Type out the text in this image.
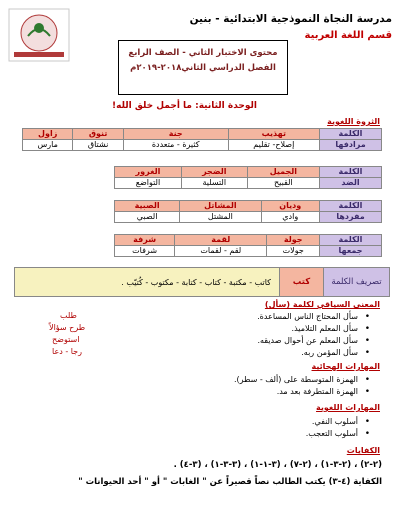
مدرسة النجاة النموذجية الابتدائية - بنين
قسم اللغة العربية
محتوى الاختبار الثاني - الصف الرابع
الفصل الدراسي الثاني٢٠١٨-٢٠١٩م
الوحدة الثانية: ما أجمل خلق الله!
الثروة اللغوية
الكلمة	تهذيب	جنة	تنوق	زاول
مرادفها	إصلاح- تقليم	كثيرة - متعددة	نشتاق	مارس
الكلمة	الجميل	الضجر	الغرور
الضد	القبيح	التسلية	التواضع
الكلمة	وديان	المشاتل	الصبية
مفردها	وادي	المشتل	الصبي
الكلمة	جولة	لقمة	شرفة
جمعها	جولات	لقم - لقمات	شرفات
تصريف الكلمة
كتب
كاتب - مكتبة - كتاب - كتابة - مكتوب - كُتيّب .
المعنى السياقي لكلمة (سأل)
• سأل المحتاج الناس المساعدة.
• سأل المعلم التلاميذ.
• سأل المعلم عن أحوال صديقه.
• سأل المؤمن ربه.
طلب
طرح سؤالاً
استوضح
رجا - دعا
المهارات الهجائية
• الهمزة المتوسطة على (ألف - سطر).
• الهمزة المتطرفة بعد مد.
المهارات اللغوية
• أسلوب النفي.
• أسلوب التعجب.
الكفايات
(٢-٢) ، (٢-٣-١) ، (٢-٧) ، (٣-١-١) ، (٣-٣-١) ، (٣-٤) .
الكفاية (٤-٣) يكتب الطالب نصاً قصيراً عن " الغابات " أو " أحد الحيوانات "
